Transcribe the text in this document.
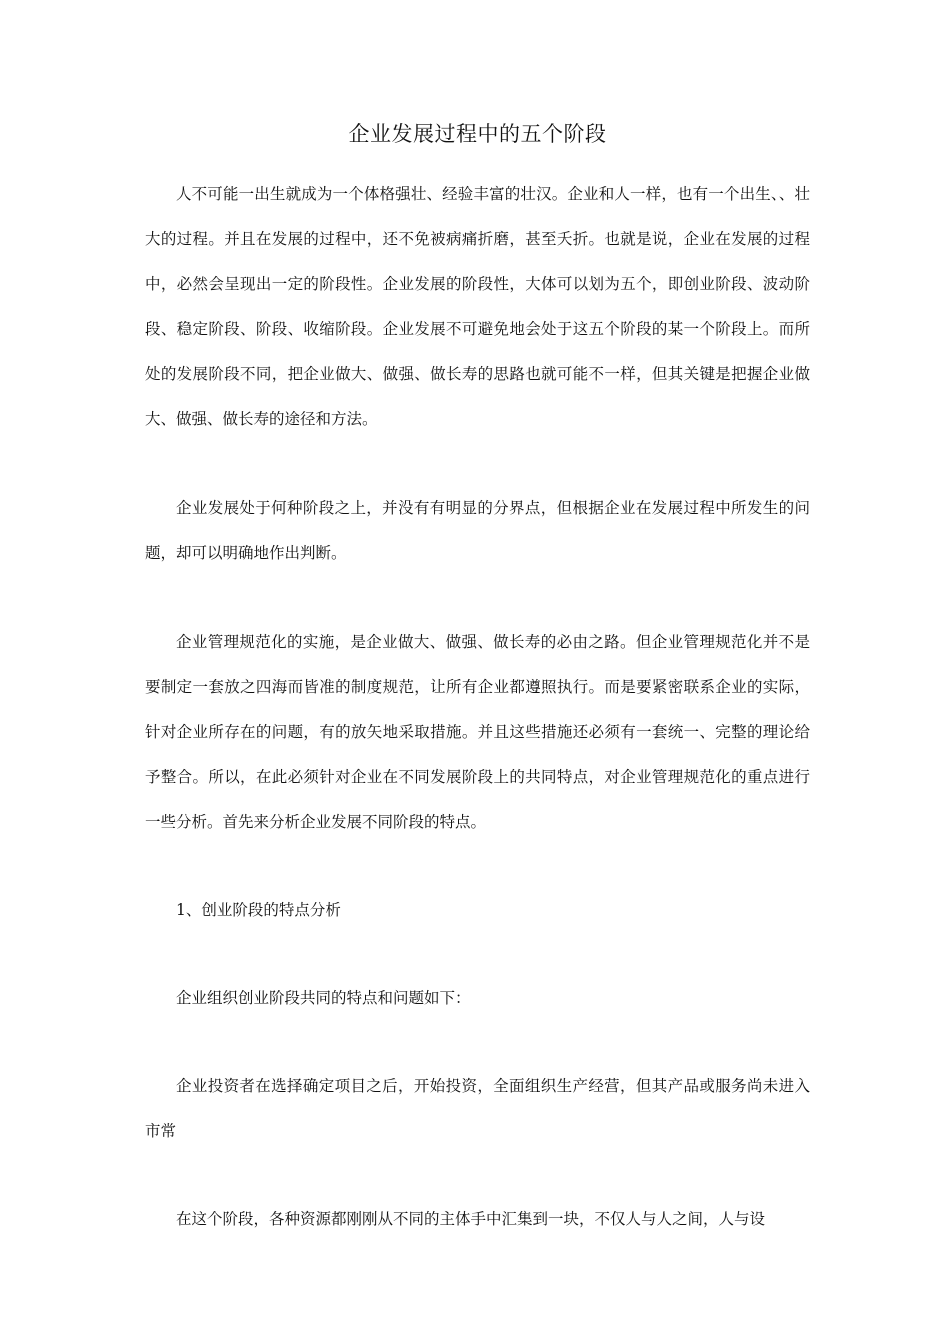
企业发展过程中的五个阶段

人不可能一出生就成为一个体格强壮、经验丰富的壮汉。企业和人一样，也有一个出生、、壮大的过程。并且在发展的过程中，还不免被病痛折磨，甚至夭折。也就是说，企业在发展的过程中，必然会呈现出一定的阶段性。企业发展的阶段性，大体可以划为五个，即创业阶段、波动阶段、稳定阶段、阶段、收缩阶段。企业发展不可避免地会处于这五个阶段的某一个阶段上。而所处的发展阶段不同，把企业做大、做强、做长寿的思路也就可能不一样，但其关键是把握企业做大、做强、做长寿的途径和方法。

企业发展处于何种阶段之上，并没有有明显的分界点，但根据企业在发展过程中所发生的问题，却可以明确地作出判断。

企业管理规范化的实施，是企业做大、做强、做长寿的必由之路。但企业管理规范化并不是要制定一套放之四海而皆准的制度规范，让所有企业都遵照执行。而是要紧密联系企业的实际，针对企业所存在的问题，有的放矢地采取措施。并且这些措施还必须有一套统一、完整的理论给予整合。所以，在此必须针对企业在不同发展阶段上的共同特点，对企业管理规范化的重点进行一些分析。首先来分析企业发展不同阶段的特点。

1、创业阶段的特点分析

企业组织创业阶段共同的特点和问题如下：

企业投资者在选择确定项目之后，开始投资，全面组织生产经营，但其产品或服务尚未进入市常

在这个阶段，各种资源都刚刚从不同的主体手中汇集到一块，不仅人与人之间，人与设
